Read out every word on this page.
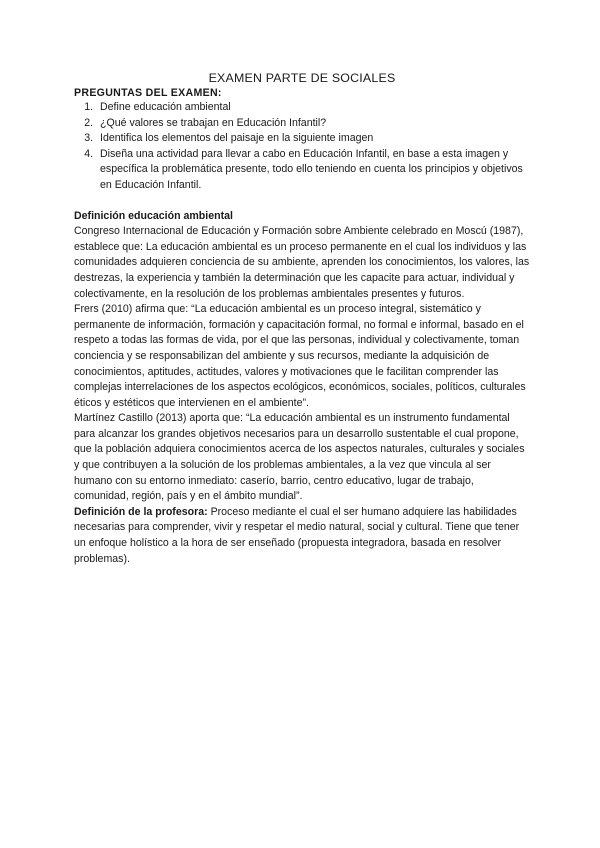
EXAMEN PARTE DE SOCIALES
PREGUNTAS DEL EXAMEN:
1. Define educación ambiental
2. ¿Qué valores se trabajan en Educación Infantil?
3. Identifica los elementos del paisaje en la siguiente imagen
4. Diseña una actividad para llevar a cabo en Educación Infantil, en base a esta imagen y específica la problemática presente, todo ello teniendo en cuenta los principios y objetivos en Educación Infantil.
Definición educación ambiental

Congreso Internacional de Educación y Formación sobre Ambiente celebrado en Moscú (1987), establece que: La educación ambiental es un proceso permanente en el cual los individuos y las comunidades adquieren conciencia de su ambiente, aprenden los conocimientos, los valores, las destrezas, la experiencia y también la determinación que les capacite para actuar, individual y colectivamente, en la resolución de los problemas ambientales presentes y futuros.

Frers (2010) afirma que: “La educación ambiental es un proceso integral, sistemático y permanente de información, formación y capacitación formal, no formal e informal, basado en el respeto a todas las formas de vida, por el que las personas, individual y colectivamente, toman conciencia y se responsabilizan del ambiente y sus recursos, mediante la adquisición de conocimientos, aptitudes, actitudes, valores y motivaciones que le facilitan comprender las complejas interrelaciones de los aspectos ecológicos, económicos, sociales, políticos, culturales éticos y estéticos que intervienen en el ambiente”.

Martínez Castillo (2013) aporta que: “La educación ambiental es un instrumento fundamental para alcanzar los grandes objetivos necesarios para un desarrollo sustentable el cual propone, que la población adquiera conocimientos acerca de los aspectos naturales, culturales y sociales y que contribuyen a la solución de los problemas ambientales, a la vez que vincula al ser humano con su entorno inmediato: caserío, barrio, centro educativo, lugar de trabajo, comunidad, región, país y en el ámbito mundial”.

Definición de la profesora: Proceso mediante el cual el ser humano adquiere las habilidades necesarias para comprender, vivir y respetar el medio natural, social y cultural. Tiene que tener un enfoque holístico a la hora de ser enseñado (propuesta integradora, basada en resolver problemas).
